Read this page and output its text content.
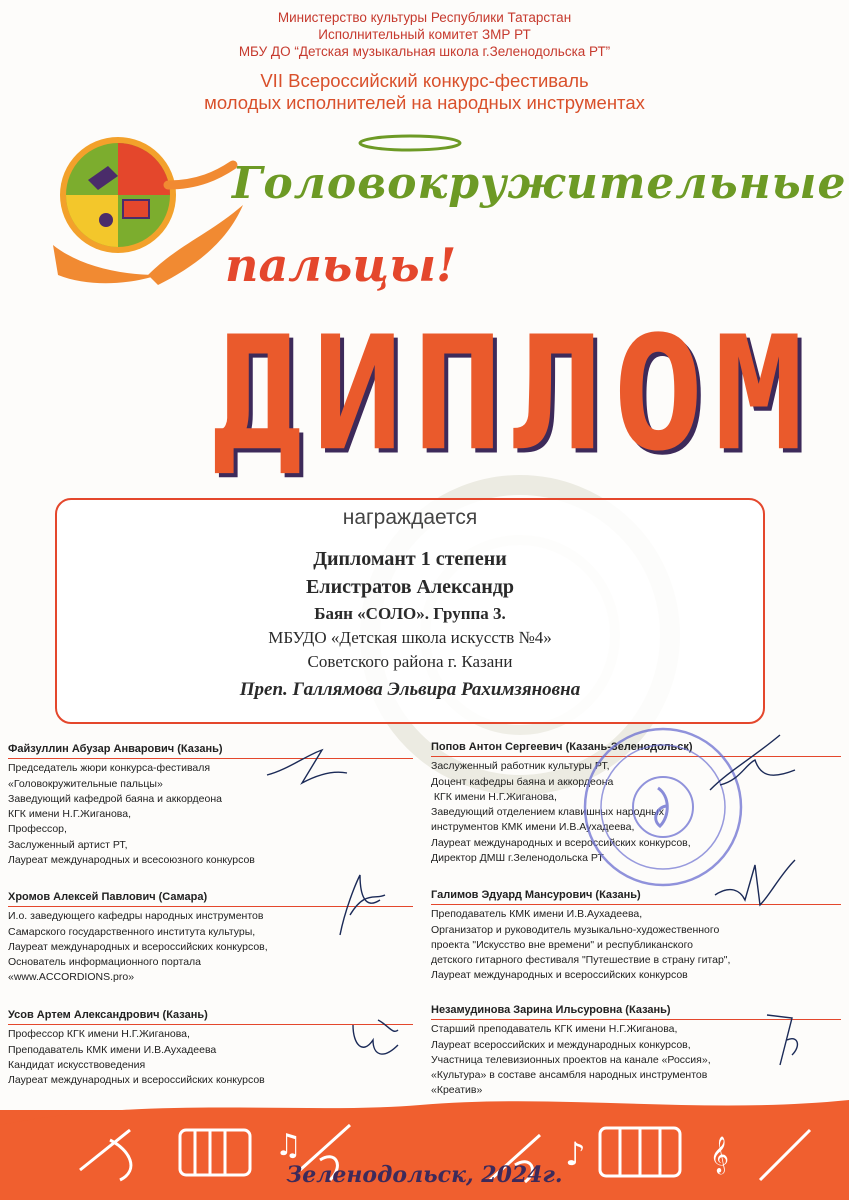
Министерство культуры Республики Татарстан
Исполнительный комитет ЗМР РТ
МБУ ДО “Детская музыкальная школа г.Зеленодольска РТ”
VII Всероссийский конкурс-фестиваль
молодых исполнителей на народных инструментах
Головокружительные
пальцы!
ДИПЛОМ
награждается
Дипломант 1 степени
Елистратов Александр
Баян «СОЛО». Группа 3.
МБУДО «Детская школа искусств №4»
Советского района г. Казани
Преп. Галлямова Эльвира Рахимзяновна
Файзуллин Абузар Анварович (Казань)
Председатель жюри конкурса-фестиваля
«Головокружительные пальцы»
Заведующий кафедрой баяна и аккордеона
КГК имени Н.Г.Жиганова,
Профессор,
Заслуженный артист РТ,
Лауреат международных и всесоюзного конкурсов
Хромов Алексей Павлович (Самара)
И.о. заведующего кафедры народных инструментов
Самарского государственного института культуры,
Лауреат международных и всероссийских конкурсов,
Основатель информационного портала
«www.ACCORDIONS.pro»
Усов Артем Александрович (Казань)
Профессор КГК имени Н.Г.Жиганова,
Преподаватель КМК имени И.В.Аухадеева
Кандидат искусствоведения
Лауреат международных и всероссийских конкурсов
Попов Антон Сергеевич (Казань-Зеленодольск)
Заслуженный работник культуры РТ,
Доцент кафедры баяна и аккордеона
КГК имени Н.Г.Жиганова,
Заведующий отделением клавишных народных
инструментов КМК имени И.В.Аухадеева,
Лауреат международных и всероссийских конкурсов,
Директор ДМШ г.Зеленодольска РТ
Галимов Эдуард Мансурович (Казань)
Преподаватель КМК имени И.В.Аухадеева,
Организатор и руководитель музыкально-художественного
проекта "Искусство вне времени" и республиканского
детского гитарного фестиваля "Путешествие в страну гитар",
Лауреат международных и всероссийских конкурсов
Незамудинова Зарина Ильсуровна (Казань)
Старший преподаватель КГК имени Н.Г.Жиганова,
Лауреат всероссийских и международных конкурсов,
Участница телевизионных проектов на канале «Россия»,
«Культура» в составе ансамбля народных инструментов
«Креатив»
♫	♪	𝄞
Зеленодольск, 2024г.
